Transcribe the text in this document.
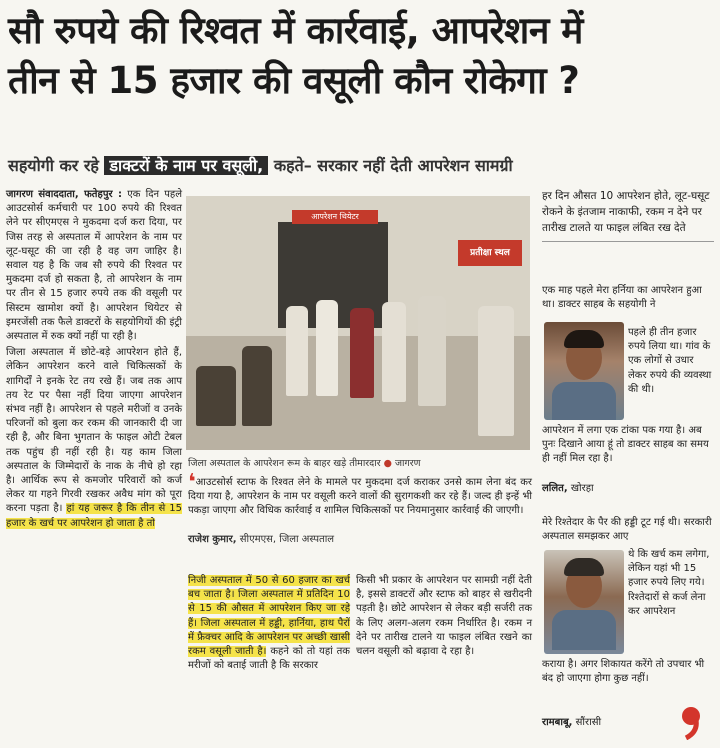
सौ रुपये की रिश्वत में कार्रवाई, आपरेशन में
तीन से 15 हजार की वसूली कौन रोकेगा ?
सहयोगी कर रहे डाक्टरों के नाम पर वसूली, कहते– सरकार नहीं देती आपरेशन सामग्री

जागरण संवाददाता, फतेहपुर : एक दिन पहले आउटसोर्स कर्मचारी पर 100 रुपये की रिश्वत लेने पर सीएमएस ने मुकदमा दर्ज करा दिया, पर जिस तरह से अस्पताल में आपरेशन के नाम पर लूट-घसूट की जा रही है वह जग जाहिर है। सवाल यह है कि जब सौ रुपये की रिश्वत पर मुकदमा दर्ज हो सकता है, तो आपरेशन के नाम पर तीन से 15 हजार रुपये तक की वसूली पर सिस्टम खामोश क्यों है। आपरेशन थियेटर से इमरजेंसी तक फैले डाक्टरों के सहयोगियों की इंट्री अस्पताल में रुक क्यों नहीं पा रही है।

जिला अस्पताल में छोटे-बड़े आपरेशन होते हैं, लेकिन आपरेशन करने वाले चिकित्सकों के शागिर्दों ने इनके रेट तय रखे हैं। जब तक आप तय रेट पर पैसा नहीं दिया जाएगा आपरेशन संभव नहीं है। आपरेशन से पहले मरीजों व उनके परिजनों को बुला कर रकम की जानकारी दी जा रही है, और बिना भुगतान के फाइल ओटी टेबल तक पहुंच ही नहीं रही है। यह काम जिला अस्पताल के जिम्मेदारों के नाक के नीचे हो रहा है। आर्थिक रूप से कमजोर परिवारों को कर्ज लेकर या गहने गिरवी रखकर अवैध मांग को पूरा करना पड़ता है। हां यह जरूर है कि तीन से 15 हजार के खर्च पर आपरेशन हो जाता है तो

आपरेशन थियेटर
प्रतीक्षा स्थल
जिला अस्पताल के आपरेशन रूम के बाहर खड़े तीमारदार ● जागरण
❛आउटसोर्स स्टाफ के रिश्वत लेने के मामले पर मुकदमा दर्ज कराकर उनसे काम लेना बंद कर दिया गया है, आपरेशन के नाम पर वसूली करने वालों की सुरागकशी कर रहे हैं। जल्द ही इन्हें भी पकड़ा जाएगा और विधिक कार्रवाई व शामिल चिकित्सकों पर नियमानुसार कार्रवाई की जाएगी।
राजेश कुमार, सीएमएस, जिला अस्पताल
निजी अस्पताल में 50 से 60 हजार का खर्च बच जाता है। जिला अस्पताल में प्रतिदिन 10 से 15 की औसत में आपरेशन किए जा रहे हैं। जिला अस्पताल में हड्डी, हार्निया, हाथ पैरों में फ्रैक्चर आदि के आपरेशन पर अच्छी खासी रकम वसूली जाती है। कहने को तो यहां तक मरीजों को बताई जाती है कि सरकार
किसी भी प्रकार के आपरेशन पर सामग्री नहीं देती है, इससे डाक्टरों और स्टाफ को बाहर से खरीदनी पड़ती है। छोटे आपरेशन से लेकर बड़ी सर्जरी तक के लिए अलग-अलग रकम निर्धारित है। रकम न देने पर तारीख टालने या फाइल लंबित रखने का चलन वसूली को बढ़ावा दे रहा है।
हर दिन औसत 10 आपरेशन होते, लूट-घसूट रोकने के इंतजाम नाकाफी, रकम न देने पर तारीख टालते या फाइल लंबित रख देते
एक माह पहले मेरा हर्निया का आपरेशन हुआ था। डाक्टर साहब के सहयोगी ने
पहले ही तीन हजार रुपये लिया था। गांव के एक लोगों से उधार लेकर रुपये की व्यवस्था की थी।
आपरेशन में लगा एक टांका पक गया है। अब पुनः दिखाने आया हूं तो डाक्टर साहब का समय ही नहीं मिल रहा है।
ललित, खोरहा
मेरे रिश्तेदार के पैर की हड्डी टूट गई थी। सरकारी अस्पताल समझकर आए
थे कि खर्च कम लगेगा, लेकिन यहां भी 15 हजार रुपये लिए गये। रिश्तेदारों से कर्ज लेना कर आपरेशन
कराया है। अगर शिकायत करेंगे तो उपचार भी बंद हो जाएगा होगा कुछ नहीं।
रामबाबू, सौंरासी
